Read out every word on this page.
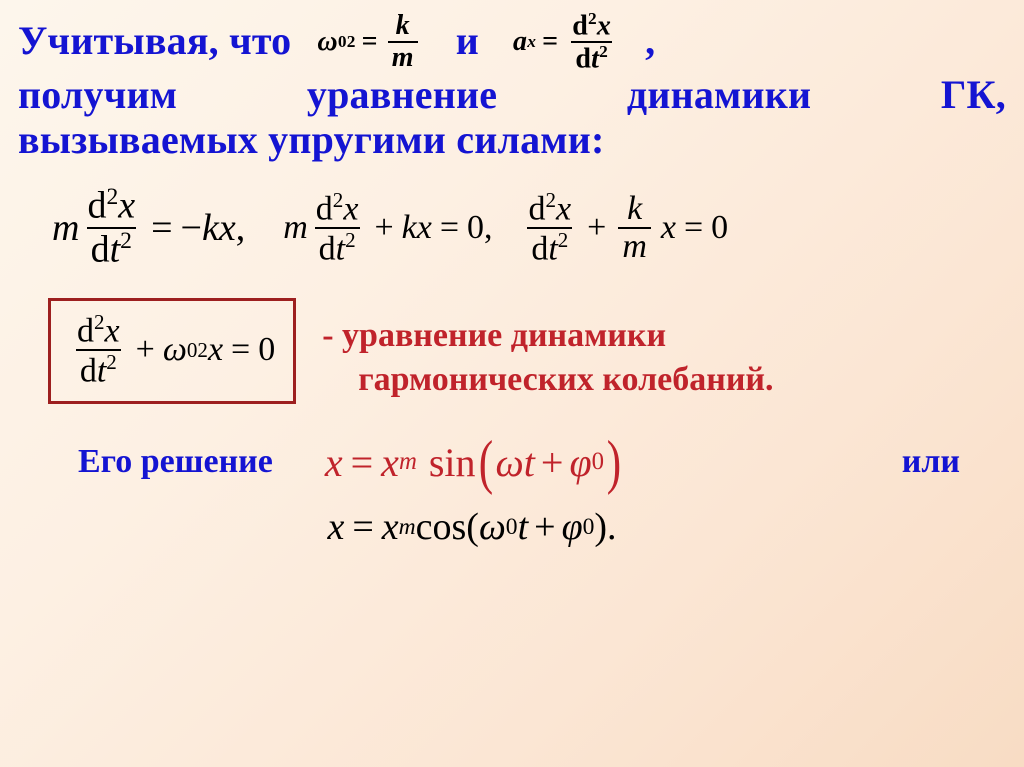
Учитывая, что ω 0 $2 = \frac{k}{m}$ и a $x = \frac{d^2x}{dt^2}$ ,
получим	уравнение	динамики	ГК,
вызываемых упругими силами:
m $\frac{d^2x}{dt^2}$ = − k x , m $\frac{d^2x}{dt^2} + k$ x = 0 , $\frac{d^2x}{dt^2} + \frac{k}{m}$ x = 0
$\frac{d^2x}{dt^2} + \omega$ 0 2 x = 0 - уравнение динамики
гармонических колебаний.
Его решение x = x m sin ( ω t + φ 0 )	или
x = x m cos ( ω 0 t + φ 0 ) .
